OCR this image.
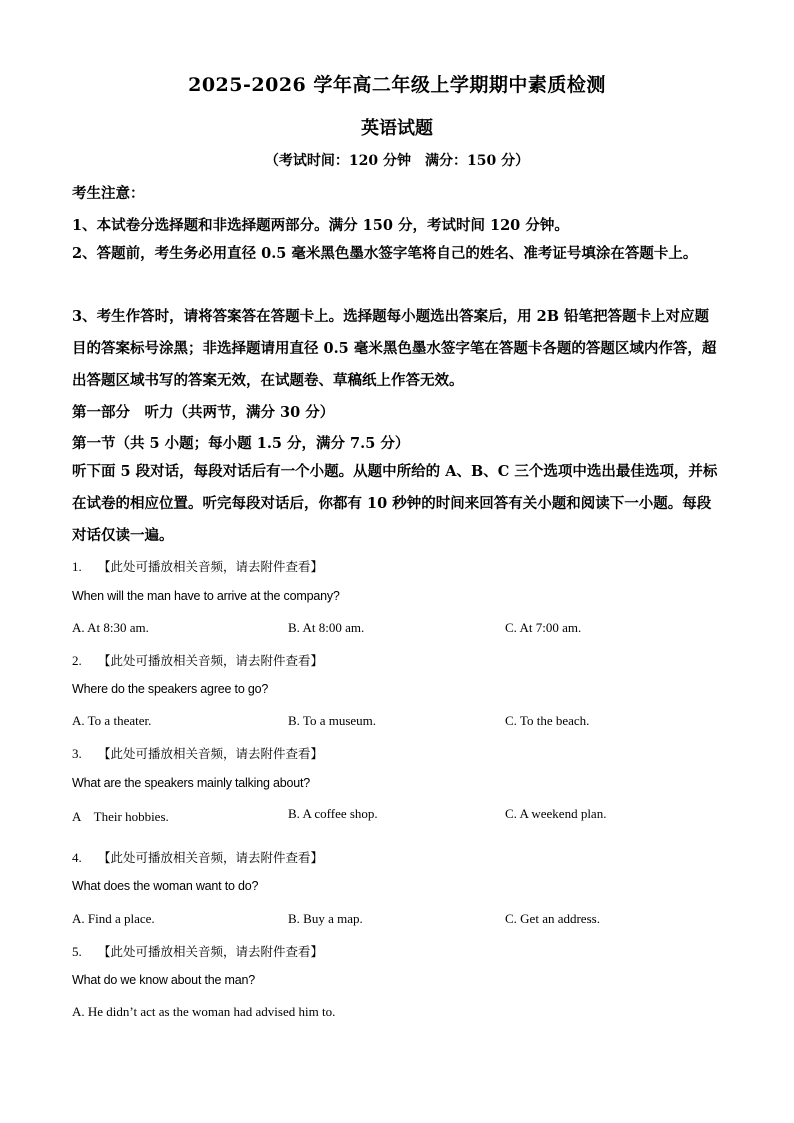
2025-2026 学年高二年级上学期期中素质检测
英语试题
（考试时间：120 分钟　满分：150 分）
考生注意：
1、本试卷分选择题和非选择题两部分。满分 150 分，考试时间 120 分钟。
2、答题前，考生务必用直径 0.5 毫米黑色墨水签字笔将自己的姓名、准考证号填涂在答题卡上。
3、考生作答时，请将答案答在答题卡上。选择题每小题选出答案后，用 2B 铅笔把答题卡上对应题目的答案标号涂黑；非选择题请用直径 0.5 毫米黑色墨水签字笔在答题卡各题的答题区域内作答，超出答题区域书写的答案无效，在试题卷、草稿纸上作答无效。
第一部分　听力（共两节，满分 30 分）
第一节（共 5 小题；每小题 1.5 分，满分 7.5 分）
听下面 5 段对话，每段对话后有一个小题。从题中所给的 A、B、C 三个选项中选出最佳选项，并标在试卷的相应位置。听完每段对话后，你都有 10 秒钟的时间来回答有关小题和阅读下一小题。每段对话仅读一遍。
1. 【此处可播放相关音频，请去附件查看】
When will the man have to arrive at the company?
A. At 8:30 am.	B. At 8:00 am.	C. At 7:00 am.
2. 【此处可播放相关音频，请去附件查看】
Where do the speakers agree to go?
A. To a theater.	B. To a museum.	C. To the beach.
3. 【此处可播放相关音频，请去附件查看】
What are the speakers mainly talking about?
A　Their hobbies.	B. A coffee shop.	C. A weekend plan.
4. 【此处可播放相关音频，请去附件查看】
What does the woman want to do?
A. Find a place.	B. Buy a map.	C. Get an address.
5. 【此处可播放相关音频，请去附件查看】
What do we know about the man?
A. He didn’t act as the woman had advised him to.
